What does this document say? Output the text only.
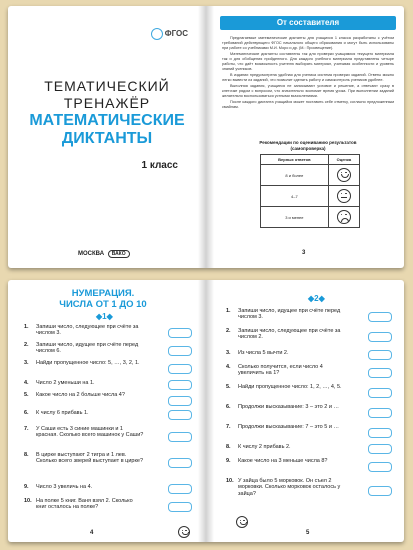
ФГОС
ТЕМАТИЧЕСКИЙ
ТРЕНАЖЁР
МАТЕМАТИЧЕСКИЕ
ДИКТАНТЫ
1 класс
МОСКВА ВАКО
От составителя

Предлагаемые математические диктанты для учащихся 1 класса разработаны с учётом требований действующего ФГОС начального общего образования и могут быть использованы при работе со учебниками М.И. Моро и др. (М.: Просвещение).

Математические диктанты составлены так для проверки учащимися текущего материала так и для обобщения пройденного. Для каждого учебного материала представлены четыре работы, что даёт возможность учителю выбирать материал, учитывая особенности и уровень знаний учеников.

В издании предусмотрена удобная для ученика система проверки заданий. Ответы можно легко вывести из заданий, что позволит сделать работу и самоконтроль учеников удобнее.

Выполняя задания, учащиеся не записывают условие и решение, а отвечают сразу в клеточке рядом с вопросом, что значительно экономит время урока. При выполнении заданий желательно воспользоваться устными вычислениями.

После каждого диктанта учащийся может поставить себе отметку, согласно предложенным смайлам.

Рекомендации по оцениванию результатов
(самопроверка)
Верных ответов	Оценка
8 и более	

4–7	

3 и менее	
3
НУМЕРАЦИЯ.
ЧИСЛА ОТ 1 ДО 10
◆1◆
1. Запиши число, следующее при счёте за числом 3.
2. Запиши число, идущее при счёте перед числом 6.
3. Найди пропущенное число: 5, …, 3, 2, 1.
4. Число 2 уменьши на 1.
5. Какое число на 2 больше числа 4?
6. К числу 6 прибавь 1.
7. У Саши есть 3 синие машинки и 1 красная. Сколько всего машинок у Саши?
8. В цирке выступают 2 тигра и 1 лев. Сколько всего зверей выступает в цирке?
9. Число 3 увеличь на 4.
10. На полке 5 книг. Ваня взял 2. Сколько книг осталось на полке?
4
◆2◆
1. Запиши число, идущее при счёте перед числом 3.
2. Запиши число, следующее при счёте за числом 2.
3. Из числа 5 вычти 2.
4. Сколько получится, если число 4 увеличить на 1?
5. Найди пропущенное число: 1, 2, …, 4, 5.
6. Продолжи высказывание: 3 – это 2 и …
7. Продолжи высказывание: 7 – это 5 и …
8. К числу 2 прибавь 2.
9. Какое число на 3 меньше числа 8?
10. У зайца было 5 морковок. Он съел 2 морковки. Сколько морковок осталось у зайца?
5
